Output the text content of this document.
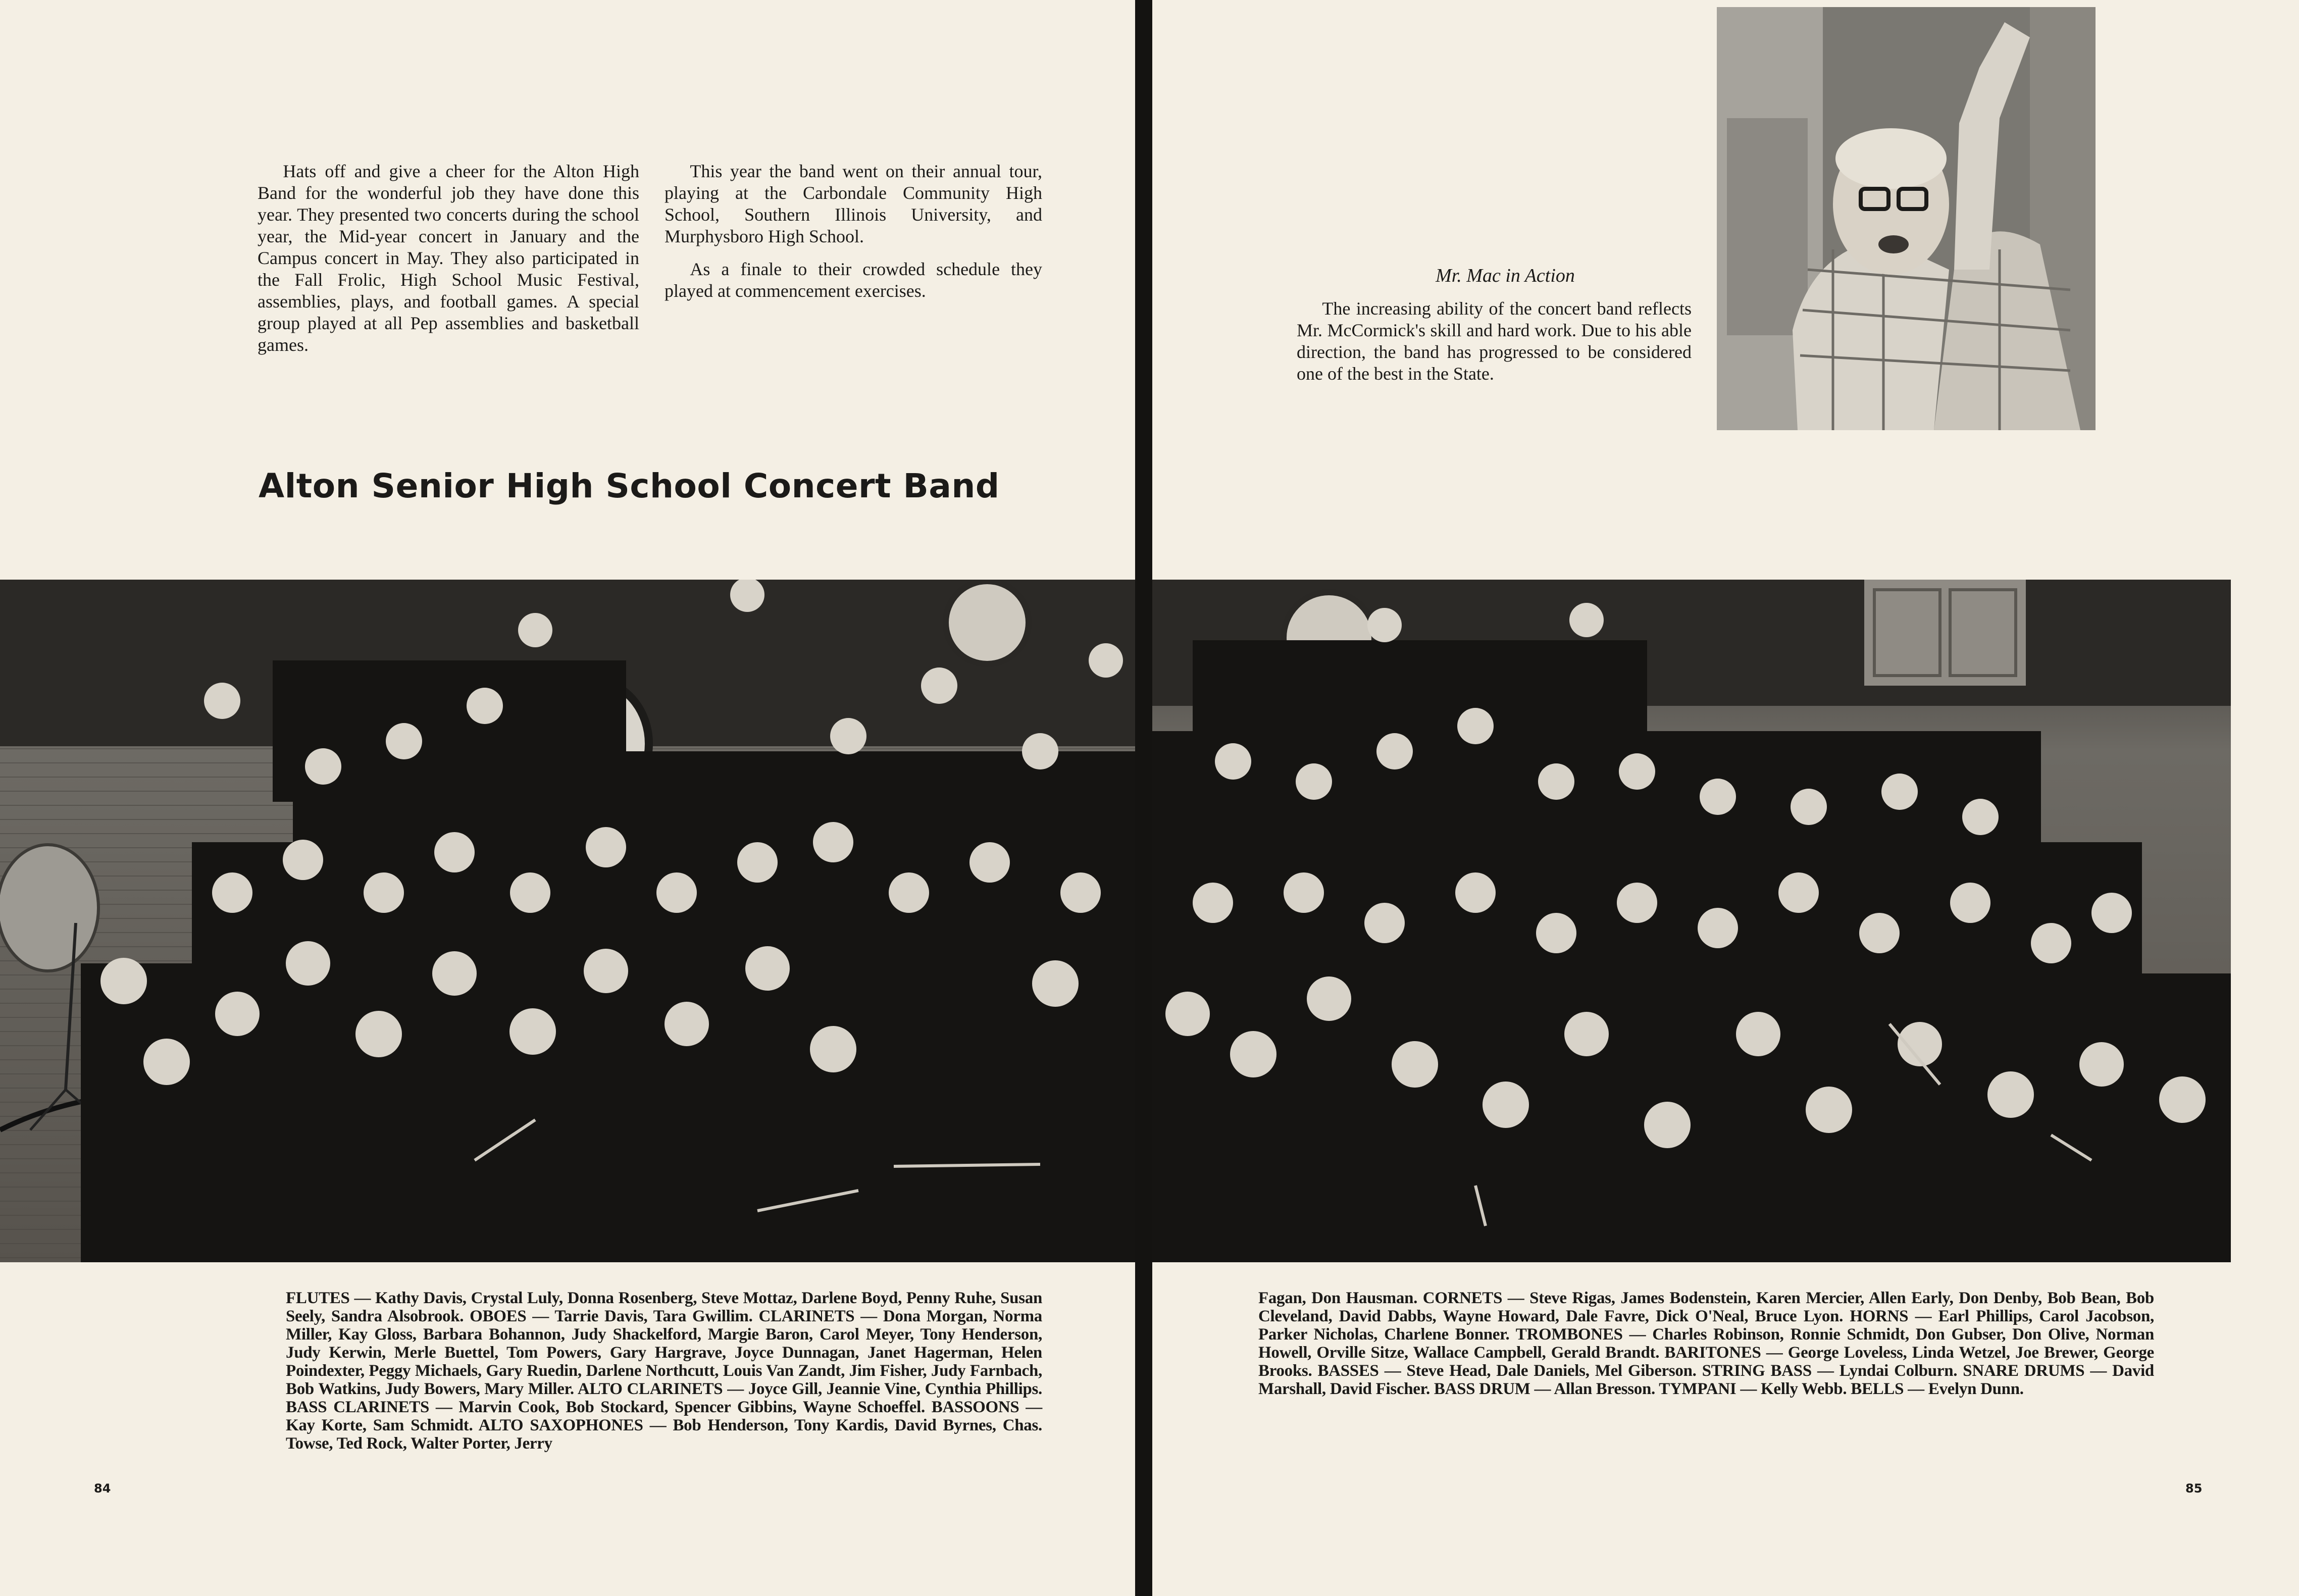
Hats off and give a cheer for the Alton High Band for the wonderful job they have done this year. They presented two concerts during the school year, the Mid-year concert in January and the Campus concert in May. They also participated in the Fall Frolic, High School Music Festival, assemblies, plays, and football games. A special group played at all Pep assemblies and basketball games.

This year the band went on their annual tour, playing at the Carbondale Community High School, Southern Illinois University, and Murphysboro High School.

As a finale to their crowded schedule they played at commencement exercises.

Alton Senior High School Concert Band
FLUTES — Kathy Davis, Crystal Luly, Donna Rosenberg, Steve Mottaz, Darlene Boyd, Penny Ruhe, Susan Seely, Sandra Alsobrook. OBOES — Tarrie Davis, Tara Gwillim. CLARINETS — Dona Morgan, Norma Miller, Kay Gloss, Barbara Bohannon, Judy Shackelford, Margie Baron, Carol Meyer, Tony Henderson, Judy Kerwin, Merle Buettel, Tom Powers, Gary Hargrave, Joyce Dunnagan, Janet Hagerman, Helen Poindexter, Peggy Michaels, Gary Ruedin, Darlene Northcutt, Louis Van Zandt, Jim Fisher, Judy Farnbach, Bob Watkins, Judy Bowers, Mary Miller. ALTO CLARINETS — Joyce Gill, Jeannie Vine, Cynthia Phillips. BASS CLARINETS — Marvin Cook, Bob Stockard, Spencer Gibbins, Wayne Schoeffel. BASSOONS — Kay Korte, Sam Schmidt. ALTO SAXOPHONES — Bob Henderson, Tony Kardis, David Byrnes, Chas. Towse, Ted Rock, Walter Porter, Jerry
84
Mr. Mac in Action

The increasing ability of the concert band reflects Mr. McCormick's skill and hard work. Due to his able direction, the band has progressed to be considered one of the best in the State.

Fagan, Don Hausman. CORNETS — Steve Rigas, James Bodenstein, Karen Mercier, Allen Early, Don Denby, Bob Bean, Bob Cleveland, David Dabbs, Wayne Howard, Dale Favre, Dick O'Neal, Bruce Lyon. HORNS — Earl Phillips, Carol Jacobson, Parker Nicholas, Charlene Bonner. TROMBONES — Charles Robinson, Ronnie Schmidt, Don Gubser, Don Olive, Norman Howell, Orville Sitze, Wallace Campbell, Gerald Brandt. BARITONES — George Loveless, Linda Wetzel, Joe Brewer, George Brooks. BASSES — Steve Head, Dale Daniels, Mel Giberson. STRING BASS — Lyndai Colburn. SNARE DRUMS — David Marshall, David Fischer. BASS DRUM — Allan Bresson. TYMPANI — Kelly Webb. BELLS — Evelyn Dunn.
85
